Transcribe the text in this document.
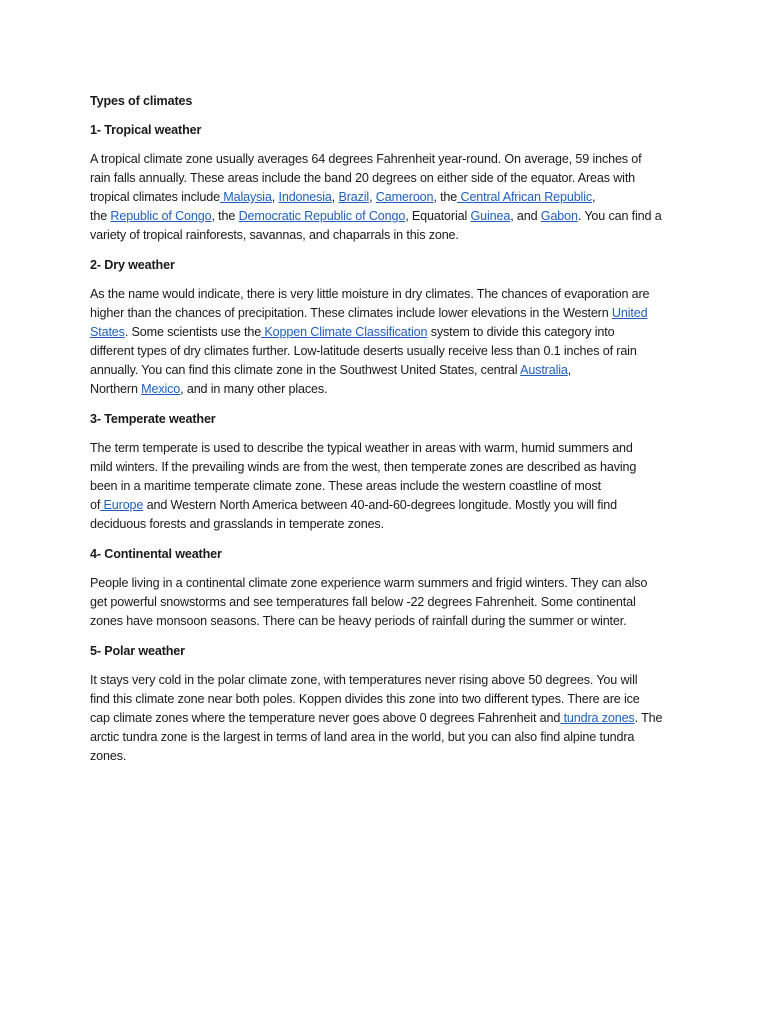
Types of climates
1- Tropical weather
A tropical climate zone usually averages 64 degrees Fahrenheit year-round. On average, 59 inches of
rain falls annually. These areas include the band 20 degrees on either side of the equator. Areas with
tropical climates include Malaysia, Indonesia, Brazil, Cameroon, the Central African Republic,
the Republic of Congo, the Democratic Republic of Congo, Equatorial Guinea, and Gabon. You can find a
variety of tropical rainforests, savannas, and chaparrals in this zone.
2- Dry weather
As the name would indicate, there is very little moisture in dry climates. The chances of evaporation are
higher than the chances of precipitation. These climates include lower elevations in the Western United
States. Some scientists use the Koppen Climate Classification system to divide this category into
different types of dry climates further. Low-latitude deserts usually receive less than 0.1 inches of rain
annually. You can find this climate zone in the Southwest United States, central Australia,
Northern Mexico, and in many other places.
3- Temperate weather
The term temperate is used to describe the typical weather in areas with warm, humid summers and
mild winters. If the prevailing winds are from the west, then temperate zones are described as having
been in a maritime temperate climate zone. These areas include the western coastline of most
of Europe and Western North America between 40-and-60-degrees longitude. Mostly you will find
deciduous forests and grasslands in temperate zones.
4- Continental weather
People living in a continental climate zone experience warm summers and frigid winters. They can also
get powerful snowstorms and see temperatures fall below -22 degrees Fahrenheit. Some continental
zones have monsoon seasons. There can be heavy periods of rainfall during the summer or winter.
5- Polar weather
It stays very cold in the polar climate zone, with temperatures never rising above 50 degrees. You will
find this climate zone near both poles. Koppen divides this zone into two different types. There are ice
cap climate zones where the temperature never goes above 0 degrees Fahrenheit and tundra zones. The
arctic tundra zone is the largest in terms of land area in the world, but you can also find alpine tundra
zones.
